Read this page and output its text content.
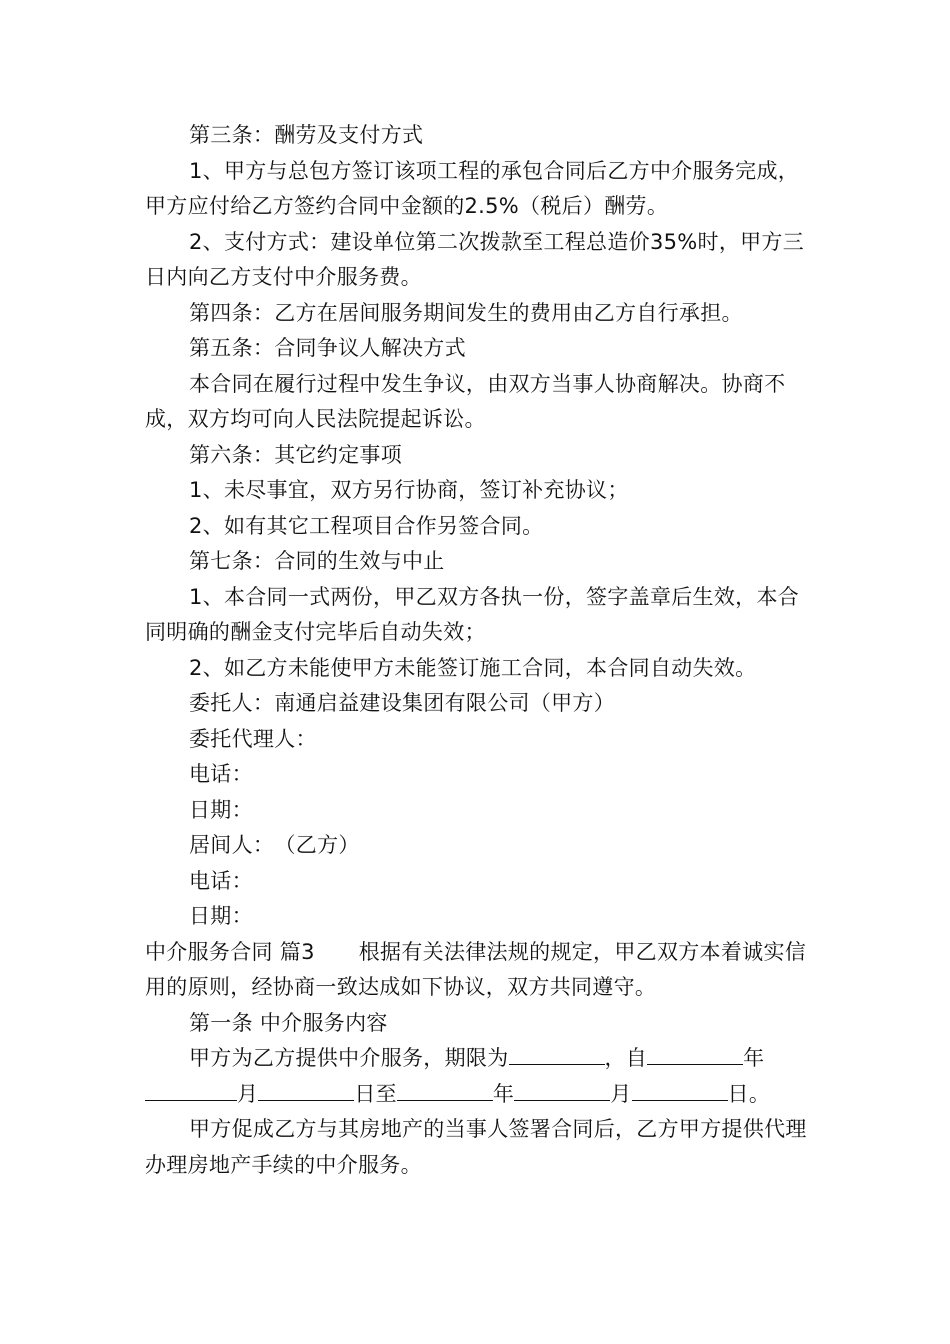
第三条：酬劳及支付方式

1、甲方与总包方签订该项工程的承包合同后乙方中介服务完成，甲方应付给乙方签约合同中金额的2.5%（税后）酬劳。

2、支付方式：建设单位第二次拨款至工程总造价35%时，甲方三日内向乙方支付中介服务费。

第四条：乙方在居间服务期间发生的费用由乙方自行承担。

第五条：合同争议人解决方式

本合同在履行过程中发生争议，由双方当事人协商解决。协商不成，双方均可向人民法院提起诉讼。

第六条：其它约定事项

1、未尽事宜，双方另行协商，签订补充协议；

2、如有其它工程项目合作另签合同。

第七条：合同的生效与中止

1、本合同一式两份，甲乙双方各执一份，签字盖章后生效，本合同明确的酬金支付完毕后自动失效；

2、如乙方未能使甲方未能签订施工合同，本合同自动失效。

委托人：南通启益建设集团有限公司（甲方）

委托代理人：

电话：

日期：

居间人：　（乙方）

电话：

日期：

中介服务合同 篇3 根据有关法律法规的规定，甲乙双方本着诚实信用的原则，经协商一致达成如下协议，双方共同遵守。

第一条 中介服务内容

甲方为乙方提供中介服务，期限为	，自	年月	日至	年	月	日。

甲方促成乙方与其房地产的当事人签署合同后，乙方甲方提供代理办理房地产手续的中介服务。
